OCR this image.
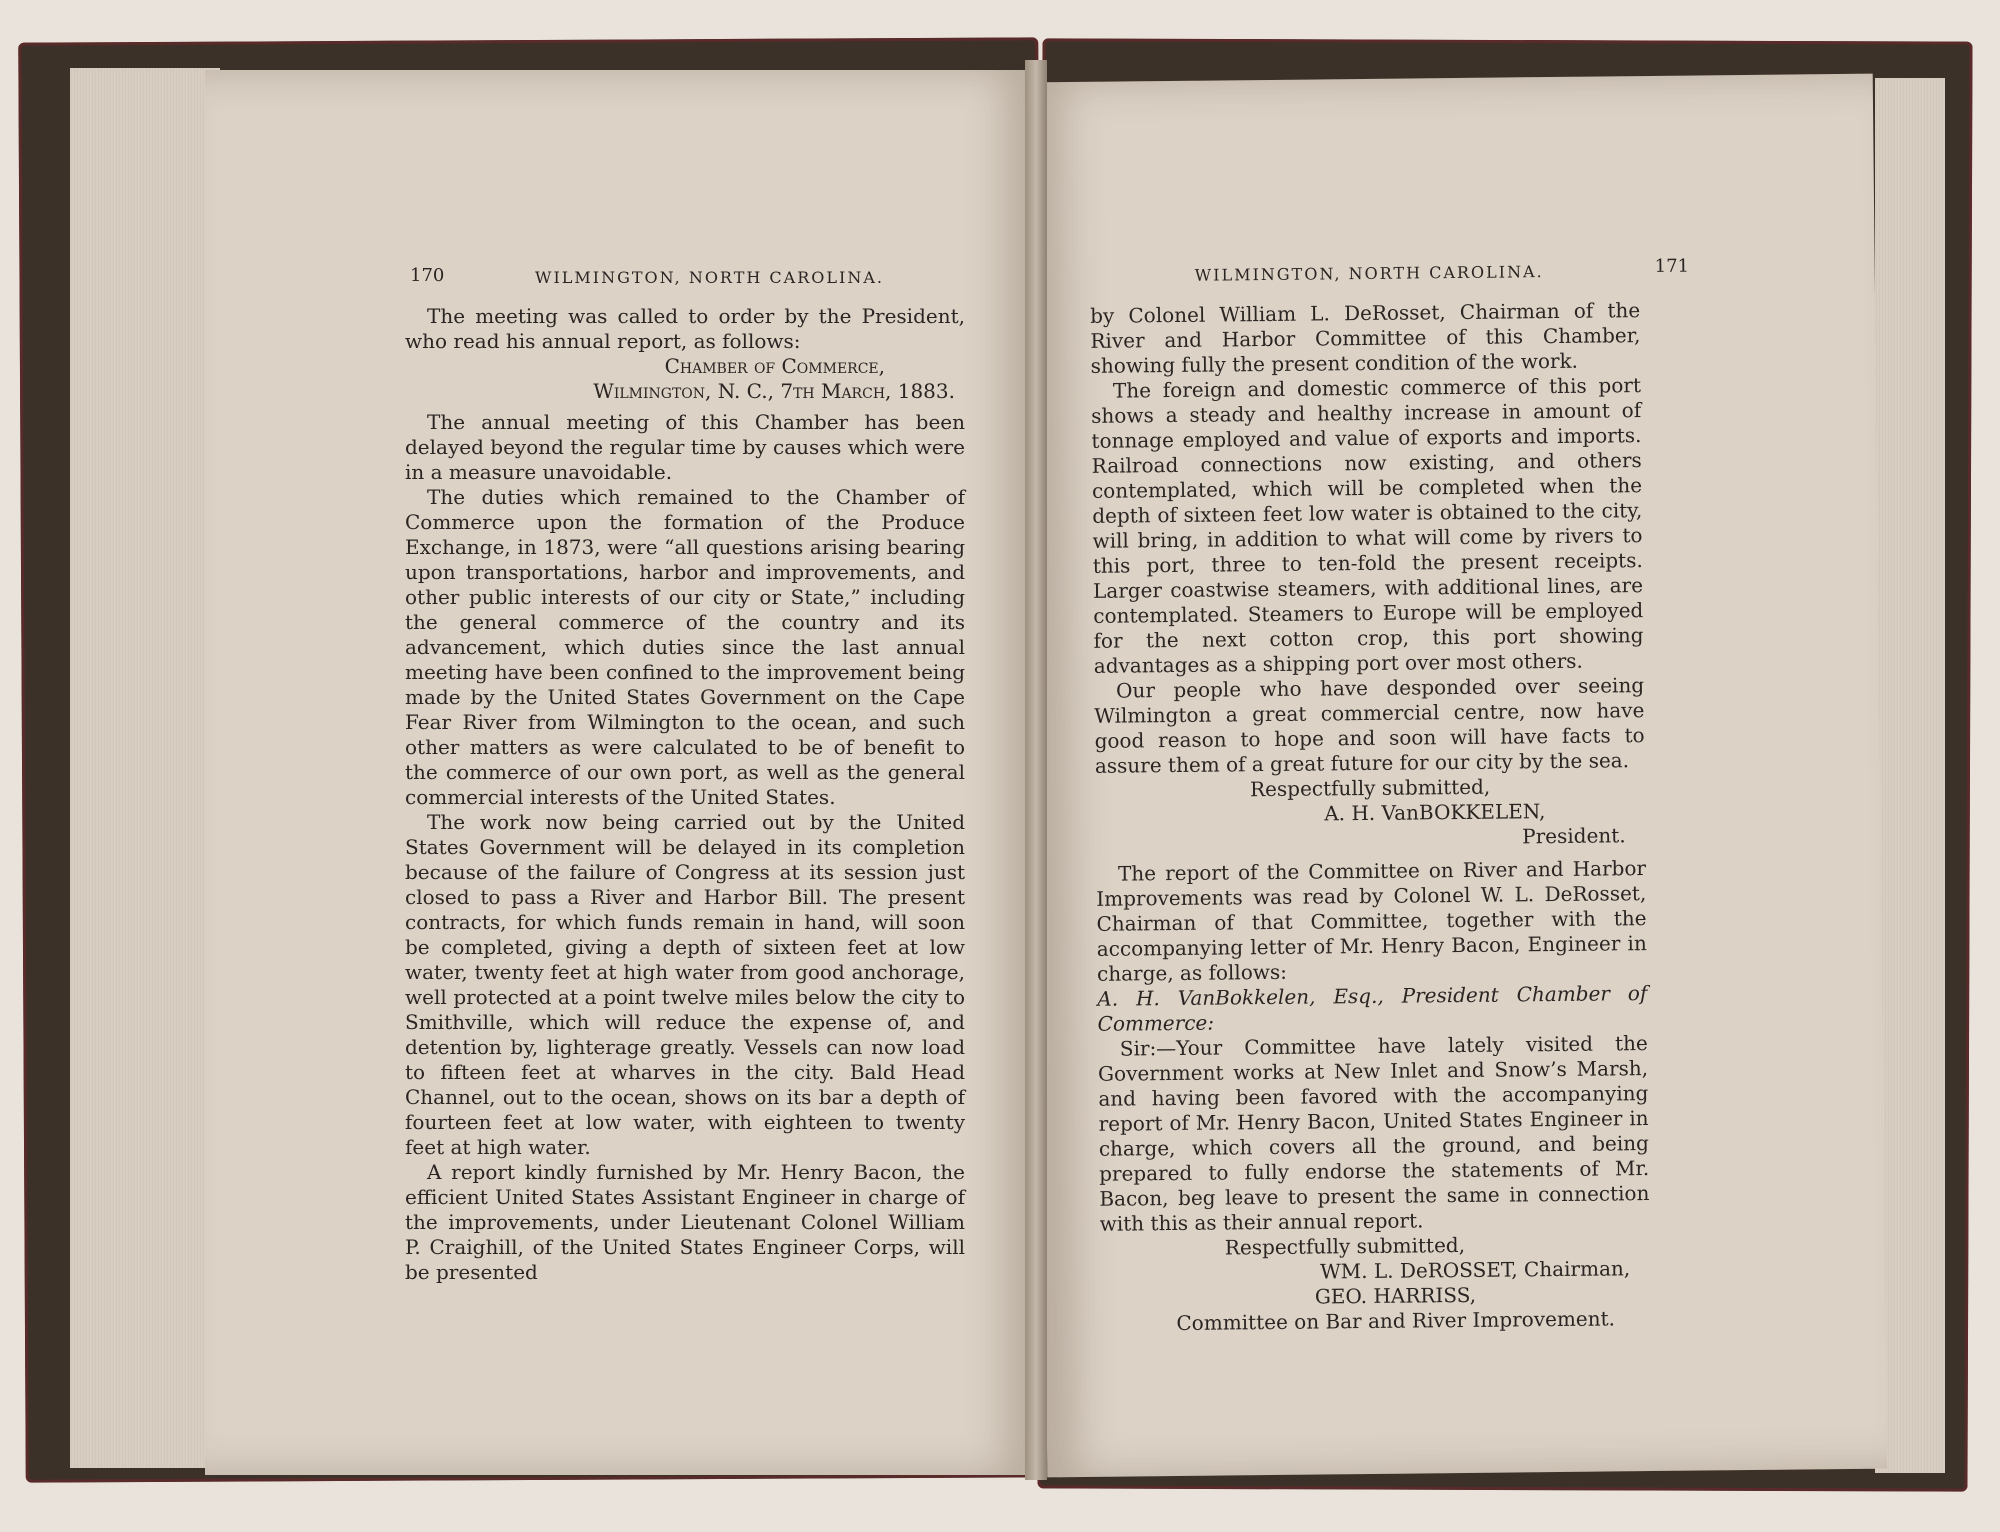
170	WILMINGTON, NORTH CAROLINA.

The meeting was called to order by the President, who read his annual report, as follows:

Chamber of Commerce,

Wilmington, N. C., 7th March, 1883.

The annual meeting of this Chamber has been delayed beyond the regular time by causes which were in a measure unavoidable.

The duties which remained to the Chamber of Commerce upon the formation of the Produce Exchange, in 1873, were “all questions arising bearing upon transportations, harbor and improvements, and other public interests of our city or State,” including the general commerce of the country and its advancement, which duties since the last annual meeting have been confined to the improvement being made by the United States Government on the Cape Fear River from Wilmington to the ocean, and such other matters as were calculated to be of benefit to the commerce of our own port, as well as the general commercial interests of the United States.

The work now being carried out by the United States Government will be delayed in its completion because of the failure of Congress at its session just closed to pass a River and Harbor Bill. The present contracts, for which funds remain in hand, will soon be completed, giving a depth of sixteen feet at low water, twenty feet at high water from good anchorage, well protected at a point twelve miles below the city to Smithville, which will reduce the expense of, and detention by, lighterage greatly. Vessels can now load to fifteen feet at wharves in the city. Bald Head Channel, out to the ocean, shows on its bar a depth of fourteen feet at low water, with eighteen to twenty feet at high water.

A report kindly furnished by Mr. Henry Bacon, the efficient United States Assistant Engineer in charge of the improvements, under Lieutenant Colonel William P. Craighill, of the United States Engineer Corps, will be presented

WILMINGTON, NORTH CAROLINA.	171

by Colonel William L. DeRosset, Chairman of the River and Harbor Committee of this Chamber, showing fully the present condition of the work.

The foreign and domestic commerce of this port shows a steady and healthy increase in amount of tonnage employed and value of exports and imports. Railroad connections now existing, and others contemplated, which will be completed when the depth of sixteen feet low water is obtained to the city, will bring, in addition to what will come by rivers to this port, three to ten-fold the present receipts. Larger coastwise steamers, with additional lines, are contemplated. Steamers to Europe will be employed for the next cotton crop, this port showing advantages as a shipping port over most others.

Our people who have desponded over seeing Wilmington a great commercial centre, now have good reason to hope and soon will have facts to assure them of a great future for our city by the sea.

Respectfully submitted,

A. H. VanBOKKELEN,

President.

The report of the Committee on River and Harbor Improvements was read by Colonel W. L. DeRosset, Chairman of that Committee, together with the accompanying letter of Mr. Henry Bacon, Engineer in charge, as follows:

A. H. VanBokkelen, Esq., President Chamber of Commerce:

Sir:—Your Committee have lately visited the Government works at New Inlet and Snow’s Marsh, and having been favored with the accompanying report of Mr. Henry Bacon, United States Engineer in charge, which covers all the ground, and being prepared to fully endorse the statements of Mr. Bacon, beg leave to present the same in connection with this as their annual report.

Respectfully submitted,

WM. L. DeROSSET, Chairman,

GEO. HARRISS,

Committee on Bar and River Improvement.
